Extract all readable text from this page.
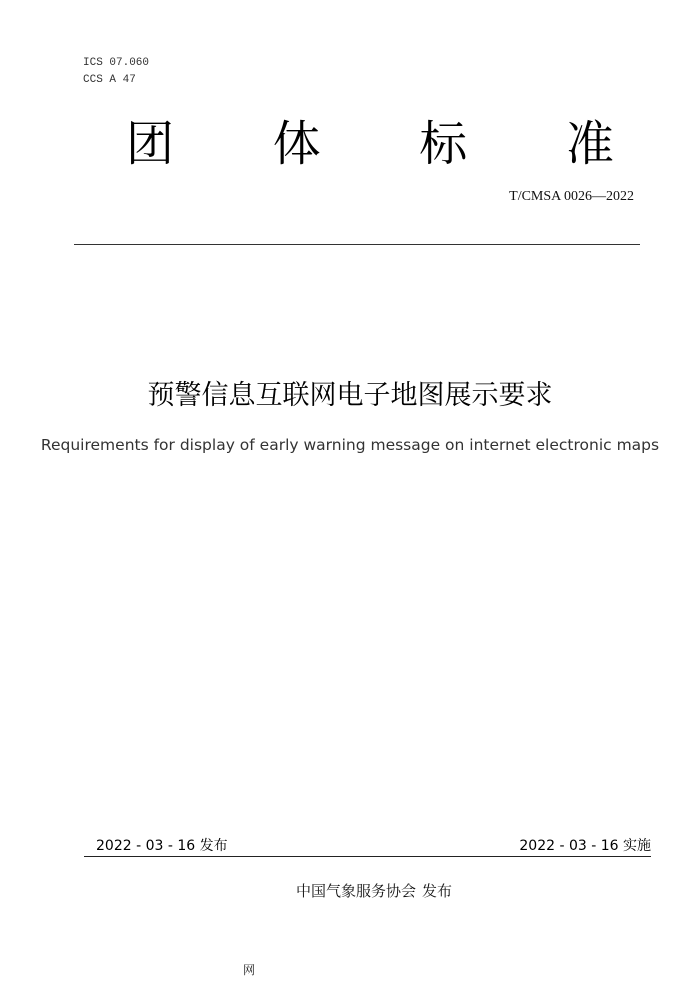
ICS 07.060
CCS A 47
团	体	标	准
T/CMSA 0026—2022
预警信息互联网电子地图展示要求
Requirements for display of early warning message on internet electronic maps
2022 - 03 - 16 发布	2022 - 03 - 16 实施
中国气象服务协会 发布
网
